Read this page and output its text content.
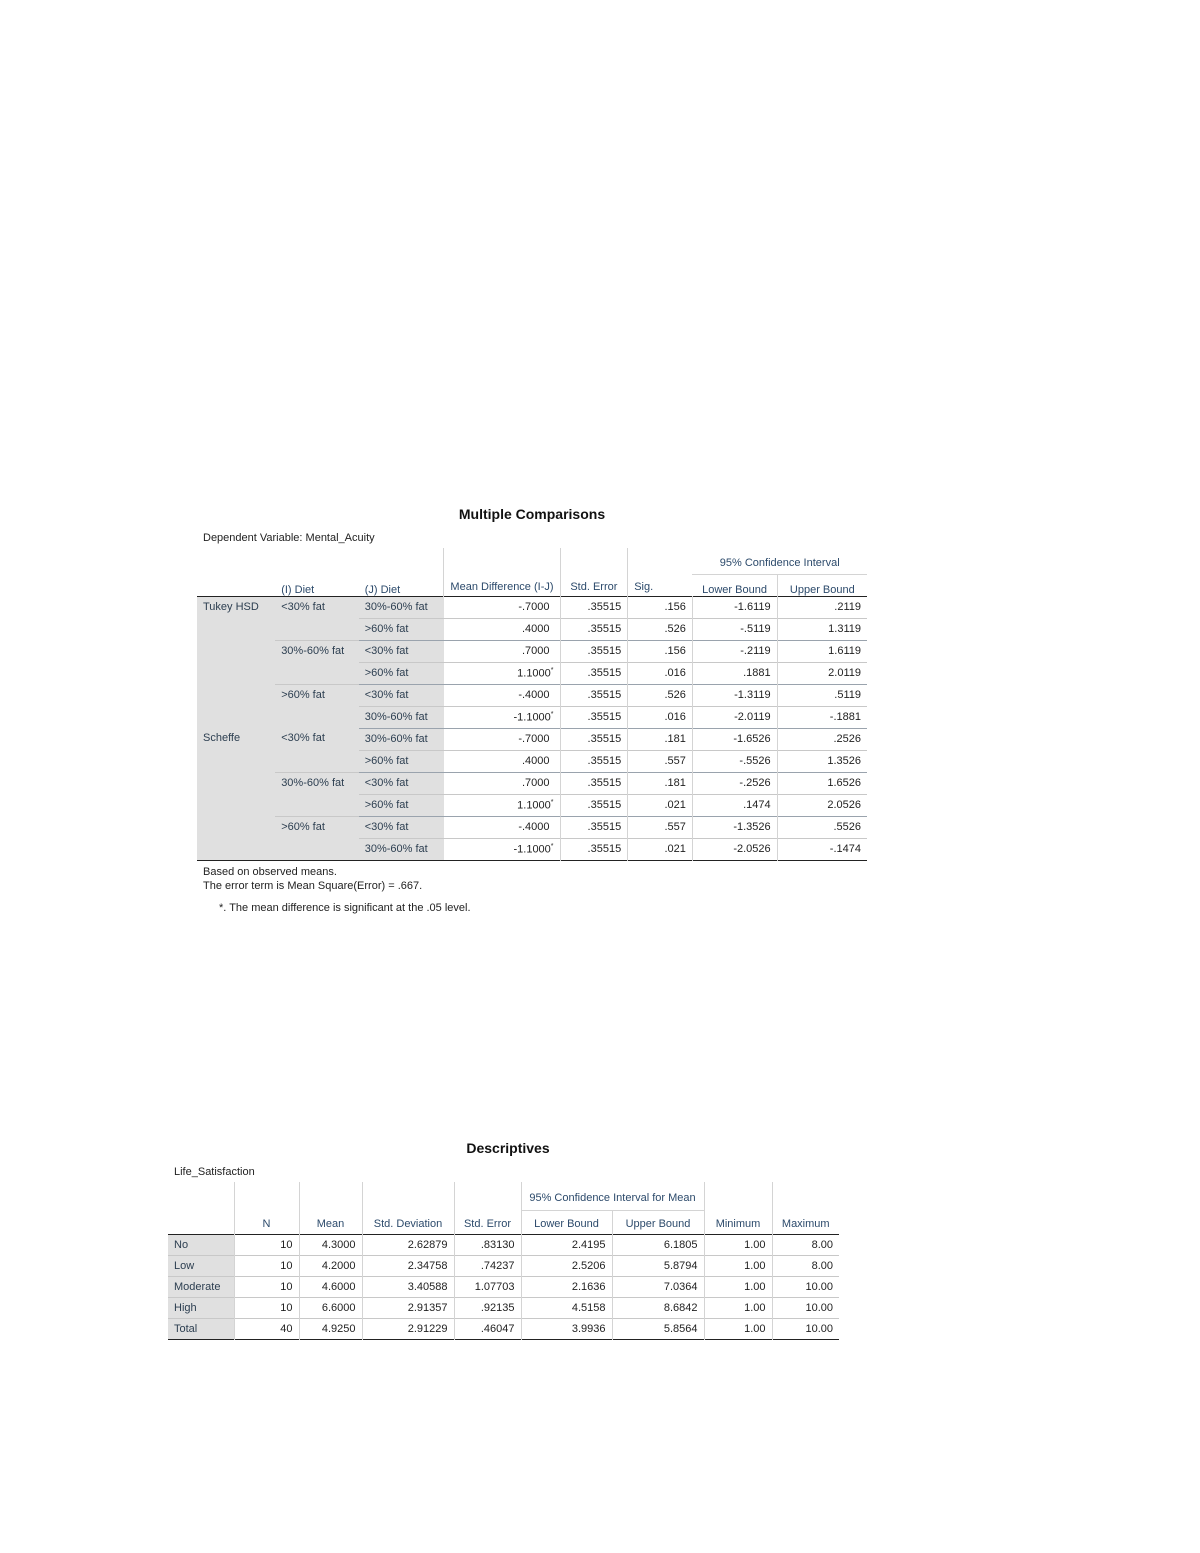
Multiple Comparisons
Dependent Variable: Mental_Acuity
			Mean Difference (I-J)	Std. Error	Sig.	95% Confidence Interval	
	(I) Diet	(J) Diet				Lower Bound	Upper Bound
Tukey HSD	<30% fat	30%-60% fat	-.7000	.35515	.156	-1.6119	.2119
		>60% fat	.4000	.35515	.526	-.5119	1.3119
	30%-60% fat	<30% fat	.7000	.35515	.156	-.2119	1.6119
		>60% fat	1.1000*	.35515	.016	.1881	2.0119
	>60% fat	<30% fat	-.4000	.35515	.526	-1.3119	.5119
		30%-60% fat	-1.1000*	.35515	.016	-2.0119	-.1881
Scheffe	<30% fat	30%-60% fat	-.7000	.35515	.181	-1.6526	.2526
		>60% fat	.4000	.35515	.557	-.5526	1.3526
	30%-60% fat	<30% fat	.7000	.35515	.181	-.2526	1.6526
		>60% fat	1.1000*	.35515	.021	.1474	2.0526
	>60% fat	<30% fat	-.4000	.35515	.557	-1.3526	.5526
		30%-60% fat	-1.1000*	.35515	.021	-2.0526	-.1474
Based on observed means.
The error term is Mean Square(Error) = .667.
*. The mean difference is significant at the .05 level.
Descriptives
Life_Satisfaction
	N	Mean	Std. Deviation	Std. Error	95% Confidence Interval for Mean		Minimum	Maximum
					Lower Bound	Upper Bound		
No	10	4.3000	2.62879	.83130	2.4195	6.1805	1.00	8.00
Low	10	4.2000	2.34758	.74237	2.5206	5.8794	1.00	8.00
Moderate	10	4.6000	3.40588	1.07703	2.1636	7.0364	1.00	10.00
High	10	6.6000	2.91357	.92135	4.5158	8.6842	1.00	10.00
Total	40	4.9250	2.91229	.46047	3.9936	5.8564	1.00	10.00
